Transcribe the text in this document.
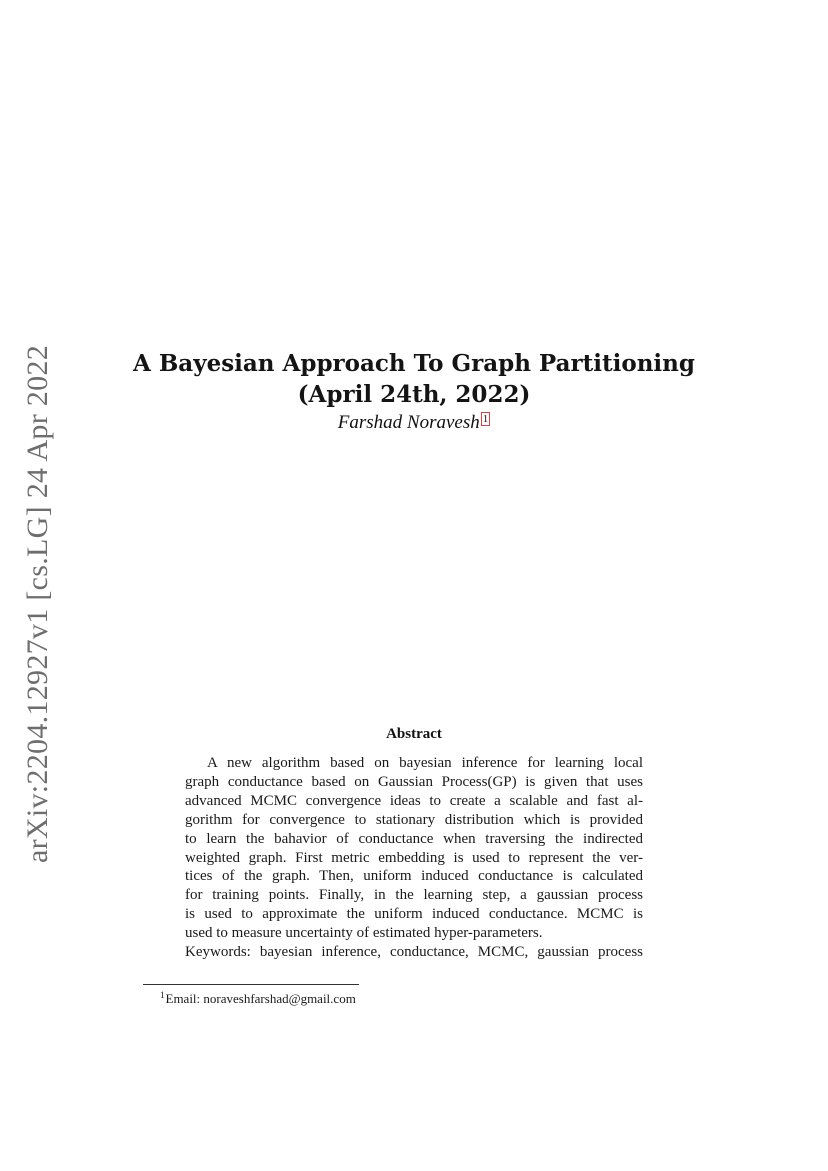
arXiv:2204.12927v1 [cs.LG] 24 Apr 2022	A Bayesian Approach To Graph Partitioning
(April 24th, 2022)
Farshad Noravesh $^1$
Abstract
A new algorithm based on bayesian inference for learning local
graph conductance based on Gaussian Process(GP) is given that uses
advanced MCMC convergence ideas to create a scalable and fast al-
gorithm for convergence to stationary distribution which is provided
to learn the bahavior of conductance when traversing the indirected
weighted graph. First metric embedding is used to represent the ver-
tices of the graph. Then, uniform induced conductance is calculated
for training points. Finally, in the learning step, a gaussian process
is used to approximate the uniform induced conductance. MCMC is
used to measure uncertainty of estimated hyper-parameters.
Keywords: bayesian inference, conductance, MCMC, gaussian process
$^1$Email: noraveshfarshad@gmail.com
